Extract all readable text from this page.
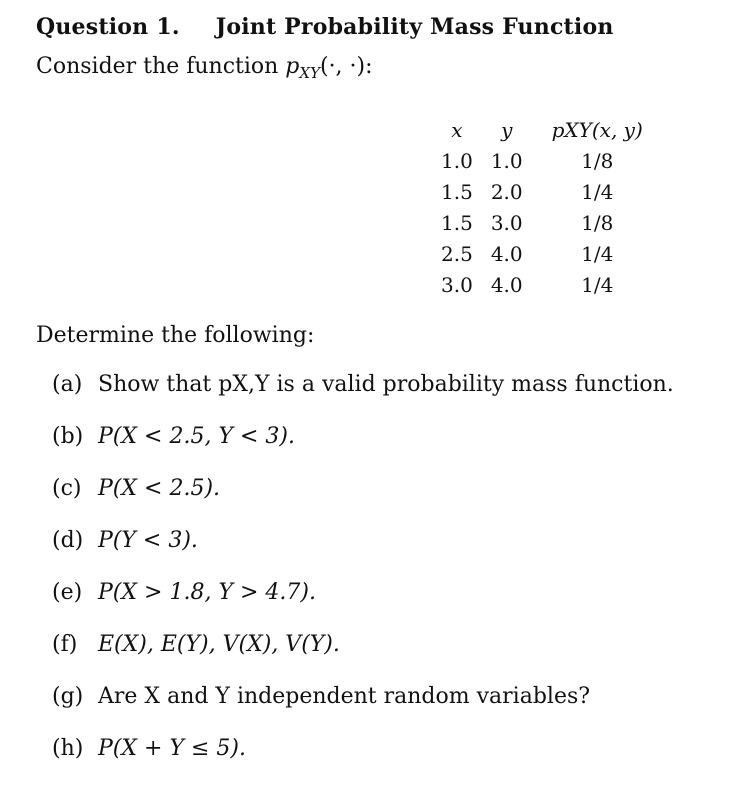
Question 1. Joint Probability Mass Function
Consider the function $p_{XY}(\cdot$, ·):
x	y	pXY(x, y)
1.0	1.0	1/8
1.5	2.0	1/4
1.5	3.0	1/8
2.5	4.0	1/4
3.0	4.0	1/4
Determine the following:
(a) Show that pX,Y is a valid probability mass function.
(b) P(X < 2.5, Y < 3).
(c) P(X < 2.5).
(d) P(Y < 3).
(e) P(X > 1.8, Y > 4.7).
(f) E(X), E(Y), V(X), V(Y).
(g) Are X and Y independent random variables?
(h) P(X + Y ≤ 5).
